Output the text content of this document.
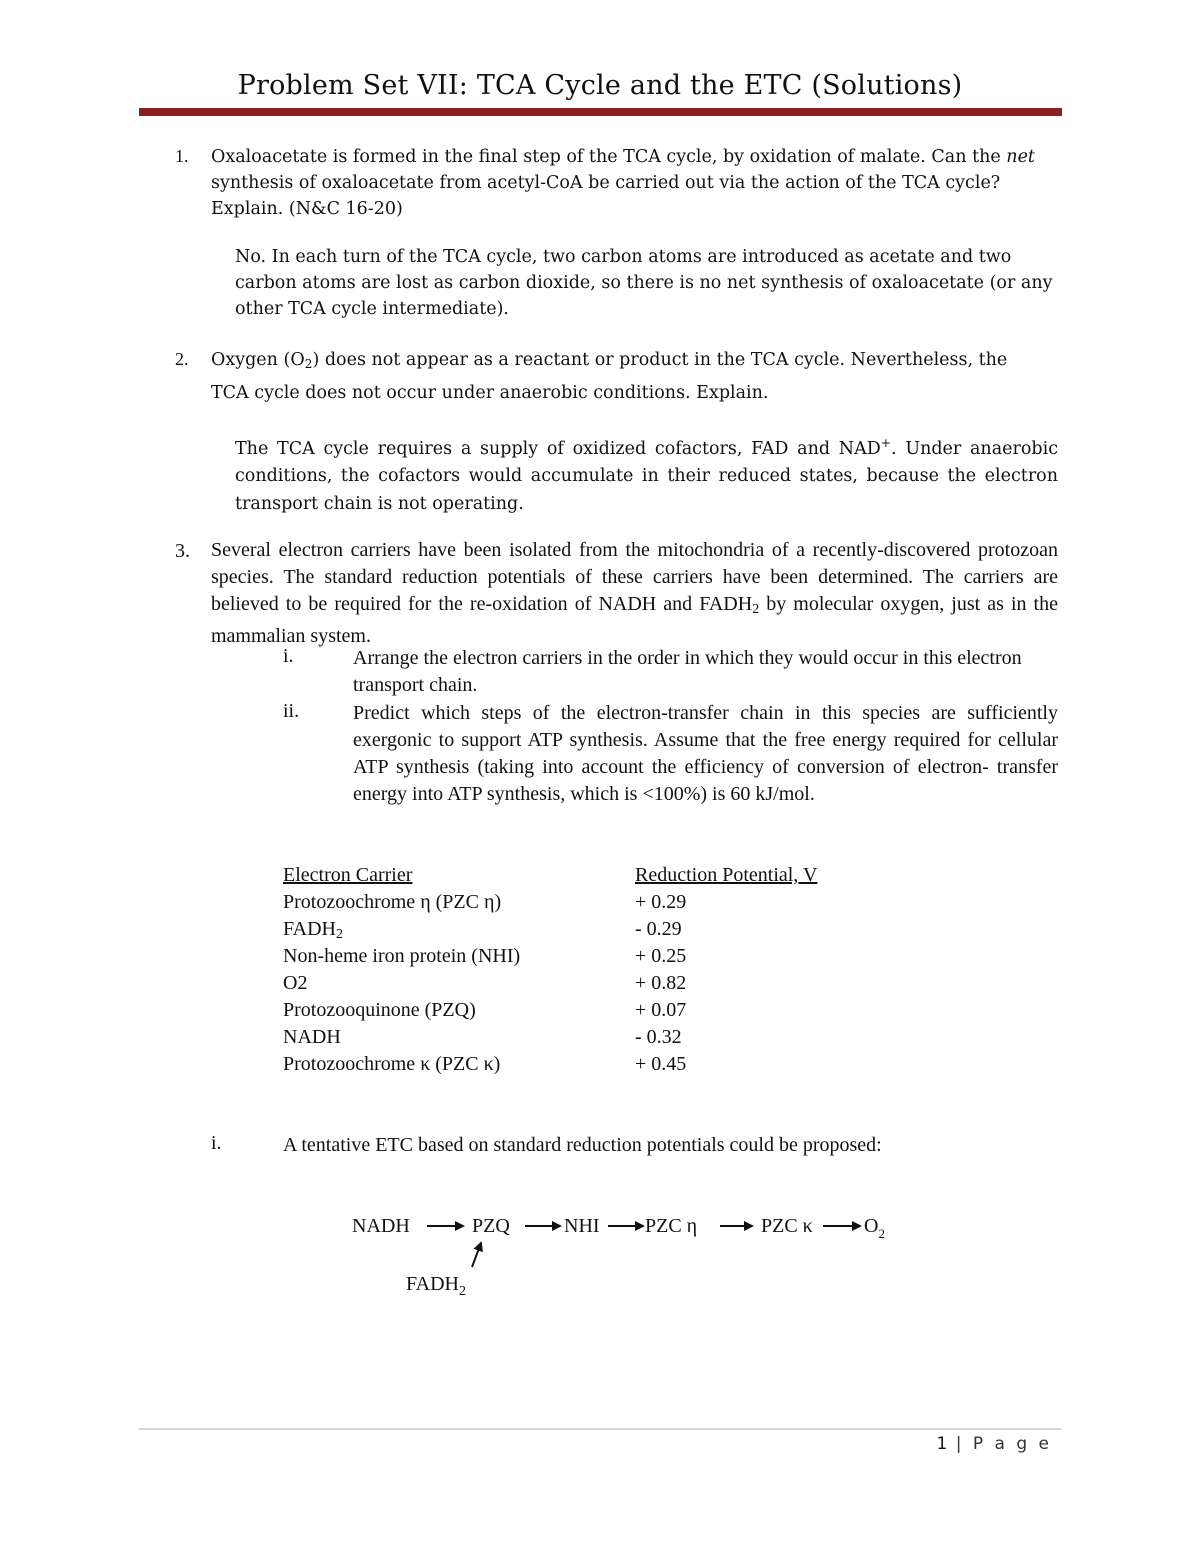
Problem Set VII: TCA Cycle and the ETC (Solutions)
1. Oxaloacetate is formed in the final step of the TCA cycle, by oxidation of malate. Can the net synthesis of oxaloacetate from acetyl-CoA be carried out via the action of the TCA cycle? Explain. (N&C 16-20)
No. In each turn of the TCA cycle, two carbon atoms are introduced as acetate and two carbon atoms are lost as carbon dioxide, so there is no net synthesis of oxaloacetate (or any other TCA cycle intermediate).
2. Oxygen $(O_2)$ does not appear as a reactant or product in the TCA cycle. Nevertheless, the TCA cycle does not occur under anaerobic conditions. Explain.
The TCA cycle requires a supply of oxidized cofactors, FAD and NAD+. Under anaerobic conditions, the cofactors would accumulate in their reduced states, because the electron transport chain is not operating.
3. Several electron carriers have been isolated from the mitochondria of a recently-discovered protozoan species. The standard reduction potentials of these carriers have been determined. The carriers are believed to be required for the re-oxidation of NADH and $FADH_2$ by molecular oxygen, just as in the mammalian system.
i.	Arrange the electron carriers in the order in which they would occur in this electron transport chain.
ii.	Predict which steps of the electron-transfer chain in this species are sufficiently exergonic to support ATP synthesis. Assume that the free energy required for cellular ATP synthesis (taking into account the efficiency of conversion of electron- transfer energy into ATP synthesis, which is <100%) is 60 kJ/mol.
Electron Carrier	Reduction Potential, V
Protozoochrome η (PZC η)	+ 0.29
$FADH_2$	- 0.29
Non-heme iron protein (NHI)	+ 0.25
O2	+ 0.82
Protozooquinone (PZQ)	+ 0.07
NADH	- 0.32
Protozoochrome κ (PZC κ)	+ 0.45
i.	A tentative ETC based on standard reduction potentials could be proposed:
NADH	PZQ	NHI PZC η	PZC κ	$O_2$
$FADH_2$
1 | P a g e
